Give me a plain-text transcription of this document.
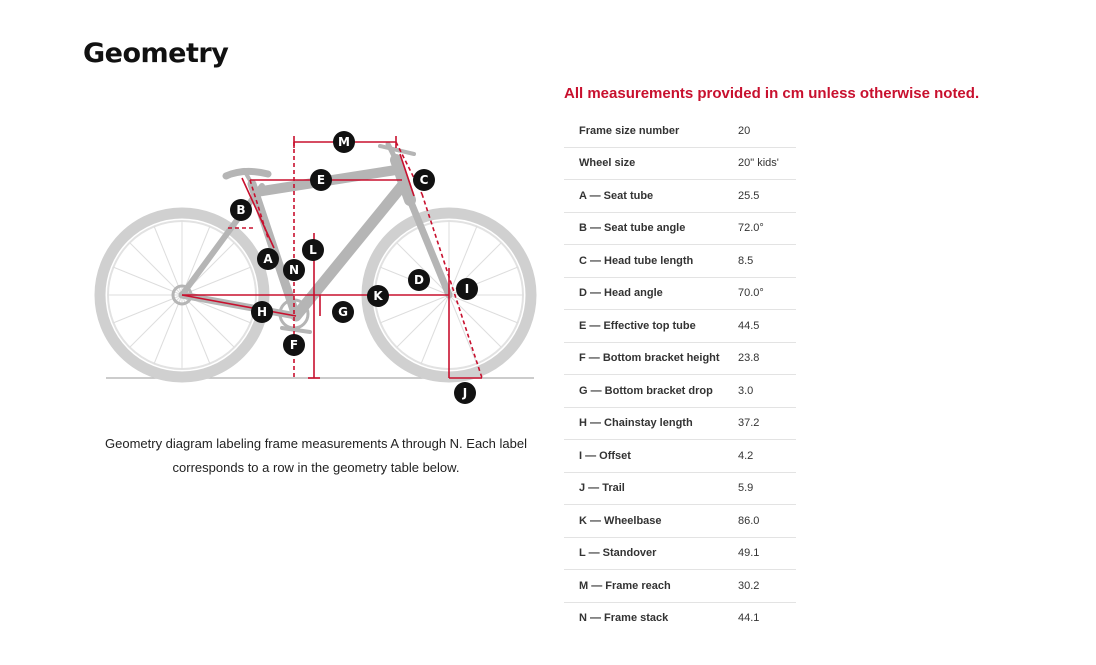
Geometry
M
E	C
B
L
A
N
D
I
K
G
H
F
J
Geometry diagram labeling frame measurements A through N. Each label corresponds to a row in the geometry table below.
All measurements provided in cm unless otherwise noted.
Frame size number	20
Wheel size	20" kids'
A — Seat tube	25.5
B — Seat tube angle	72.0°
C — Head tube length	8.5
D — Head angle	70.0°
E — Effective top tube	44.5
F — Bottom bracket height	23.8
G — Bottom bracket drop	3.0
H — Chainstay length	37.2
I — Offset	4.2
J — Trail	5.9
K — Wheelbase	86.0
L — Standover	49.1
M — Frame reach	30.2
N — Frame stack	44.1
